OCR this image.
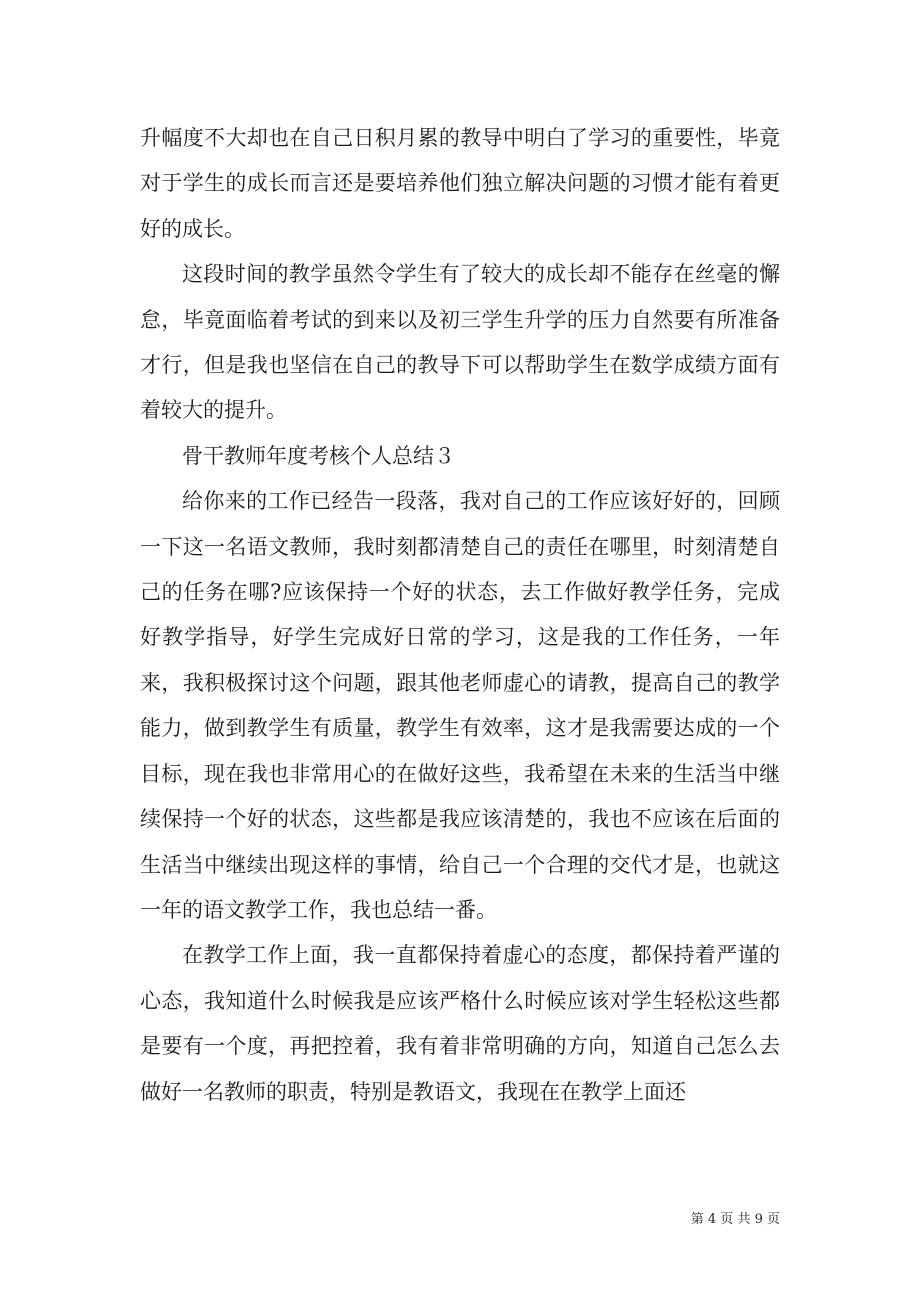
升幅度不大却也在自己日积月累的教导中明白了学习的重要性，毕竟对于学生的成长而言还是要培养他们独立解决问题的习惯才能有着更好的成长。

这段时间的教学虽然令学生有了较大的成长却不能存在丝毫的懈怠，毕竟面临着考试的到来以及初三学生升学的压力自然要有所准备才行，但是我也坚信在自己的教导下可以帮助学生在数学成绩方面有着较大的提升。

骨干教师年度考核个人总结３

给你来的工作已经告一段落，我对自己的工作应该好好的，回顾一下这一名语文教师，我时刻都清楚自己的责任在哪里，时刻清楚自己的任务在哪?应该保持一个好的状态，去工作做好教学任务，完成好教学指导，好学生完成好日常的学习，这是我的工作任务，一年来，我积极探讨这个问题，跟其他老师虚心的请教，提高自己的教学能力，做到教学生有质量，教学生有效率，这才是我需要达成的一个目标，现在我也非常用心的在做好这些，我希望在未来的生活当中继续保持一个好的状态，这些都是我应该清楚的，我也不应该在后面的生活当中继续出现这样的事情，给自己一个合理的交代才是，也就这一年的语文教学工作，我也总结一番。

在教学工作上面，我一直都保持着虚心的态度，都保持着严谨的心态，我知道什么时候我是应该严格什么时候应该对学生轻松这些都是要有一个度，再把控着，我有着非常明确的方向，知道自己怎么去做好一名教师的职责，特别是教语文，我现在在教学上面还

第 4 页 共 9 页
